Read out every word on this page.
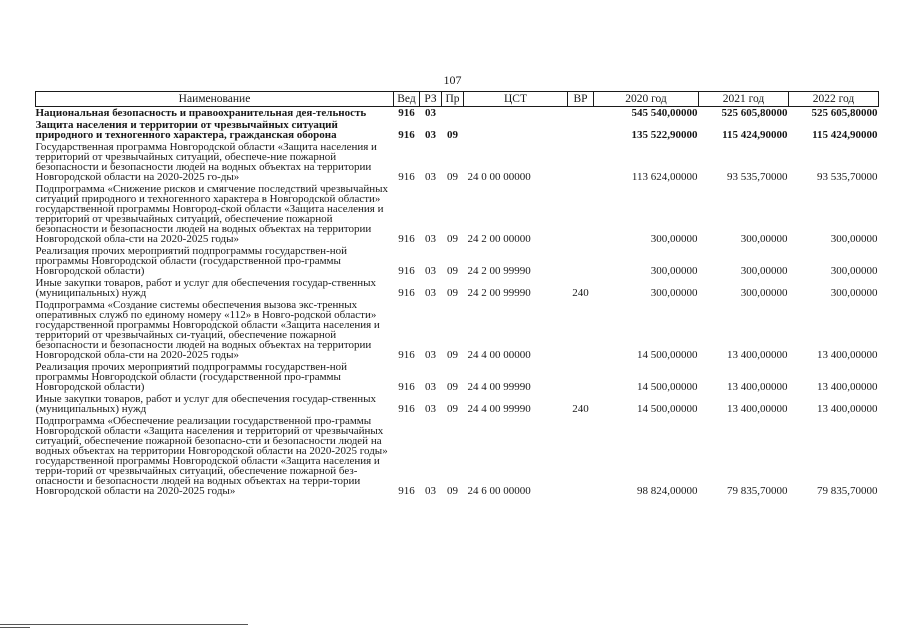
107
Наименование	Вед	РЗ	Пр	ЦСТ	ВР	2020 год	2021 год	2022 год
Национальная безопасность и правоохранительная дея-тельность	916	03				545 540,00000	525 605,80000	525 605,80000
Защита населения и территории от чрезвычайных ситуаций природного и техногенного характера, гражданская оборона	916	03	09			135 522,90000	115 424,90000	115 424,90000
Государственная программа Новгородской области «Защита населения и территорий от чрезвычайных ситуаций, обеспече-ние пожарной безопасности и безопасности людей на водных объектах на территории Новгородской области на 2020-2025 го-ды»	916	03	09	24 0 00 00000		113 624,00000	93 535,70000	93 535,70000
Подпрограмма «Снижение рисков и смягчение последствий чрезвычайных ситуаций природного и техногенного характера в Новгородской области» государственной программы Новгород-ской области «Защита населения и территорий от чрезвычайных ситуаций, обеспечение пожарной безопасности и безопасности людей на водных объектах на территории Новгородской обла-сти на 2020-2025 годы»	916	03	09	24 2 00 00000		300,00000	300,00000	300,00000
Реализация прочих мероприятий подпрограммы государствен-ной программы Новгородской области (государственной про-граммы Новгородской области)	916	03	09	24 2 00 99990		300,00000	300,00000	300,00000
Иные закупки товаров, работ и услуг для обеспечения государ-ственных (муниципальных) нужд	916	03	09	24 2 00 99990	240	300,00000	300,00000	300,00000
Подпрограмма «Создание системы обеспечения вызова экс-тренных оперативных служб по единому номеру «112» в Новго-родской области» государственной программы Новгородской области «Защита населения и территорий от чрезвычайных си-туаций, обеспечение пожарной безопасности и безопасности людей на водных объектах на территории Новгородской обла-сти на 2020-2025 годы»	916	03	09	24 4 00 00000		14 500,00000	13 400,00000	13 400,00000
Реализация прочих мероприятий подпрограммы государствен-ной программы Новгородской области (государственной про-граммы Новгородской области)	916	03	09	24 4 00 99990		14 500,00000	13 400,00000	13 400,00000
Иные закупки товаров, работ и услуг для обеспечения государ-ственных (муниципальных) нужд	916	03	09	24 4 00 99990	240	14 500,00000	13 400,00000	13 400,00000
Подпрограмма «Обеспечение реализации государственной про-граммы Новгородской области «Защита населения и территорий от чрезвычайных ситуаций, обеспечение пожарной безопасно-сти и безопасности людей на водных объектах на территории Новгородской области на 2020-2025 годы» государственной программы Новгородской области «Защита населения и терри-торий от чрезвычайных ситуаций, обеспечение пожарной без-опасности и безопасности людей на водных объектах на терри-тории Новгородской области на 2020-2025 годы»	916	03	09	24 6 00 00000		98 824,00000	79 835,70000	79 835,70000
